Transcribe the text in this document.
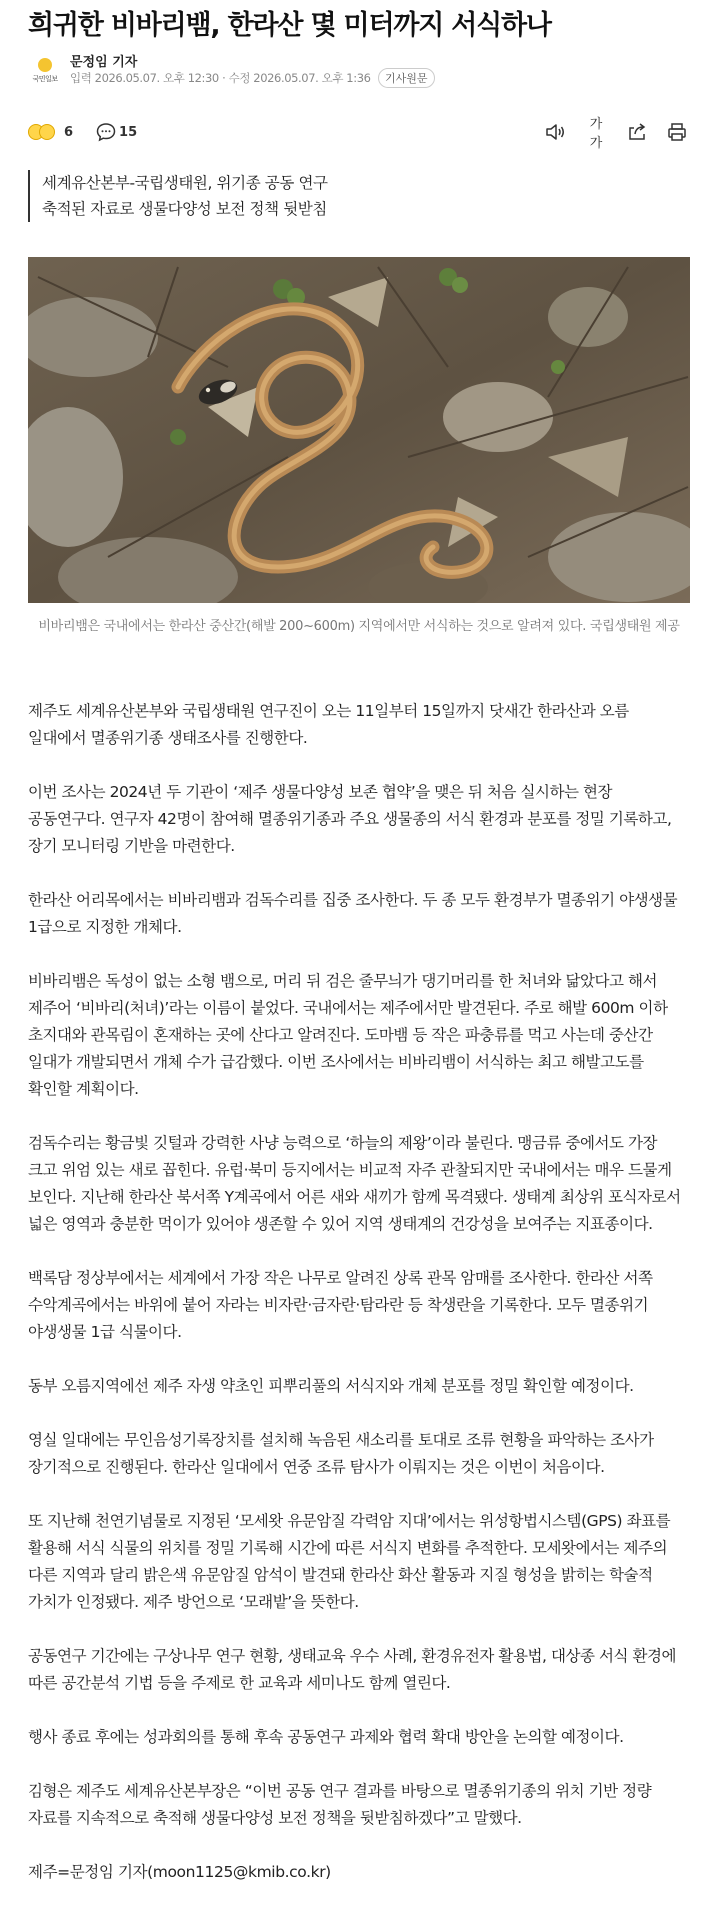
희귀한 비바리뱀, 한라산 몇 미터까지 서식하나
국민일보
문정임 기자
입력 2026.05.07. 오후 12:30 · 수정 2026.05.07. 오후 1:36	기사원문
6	15	가가
세계유산본부-국립생태원, 위기종 공동 연구
축적된 자료로 생물다양성 보전 정책 뒷받침
비바리뱀은 국내에서는 한라산 중산간(해발 200~600m) 지역에서만 서식하는 것으로 알려져 있다. 국립생태원 제공

제주도 세계유산본부와 국립생태원 연구진이 오는 11일부터 15일까지 닷새간 한라산과 오름 일대에서 멸종위기종 생태조사를 진행한다.

이번 조사는 2024년 두 기관이 ‘제주 생물다양성 보존 협약’을 맺은 뒤 처음 실시하는 현장 공동연구다. 연구자 42명이 참여해 멸종위기종과 주요 생물종의 서식 환경과 분포를 정밀 기록하고, 장기 모니터링 기반을 마련한다.

한라산 어리목에서는 비바리뱀과 검독수리를 집중 조사한다. 두 종 모두 환경부가 멸종위기 야생생물 1급으로 지정한 개체다.

비바리뱀은 독성이 없는 소형 뱀으로, 머리 뒤 검은 줄무늬가 댕기머리를 한 처녀와 닮았다고 해서 제주어 ‘비바리(처녀)’라는 이름이 붙었다. 국내에서는 제주에서만 발견된다. 주로 해발 600m 이하 초지대와 관목림이 혼재하는 곳에 산다고 알려진다. 도마뱀 등 작은 파충류를 먹고 사는데 중산간 일대가 개발되면서 개체 수가 급감했다. 이번 조사에서는 비바리뱀이 서식하는 최고 해발고도를 확인할 계획이다.

검독수리는 황금빛 깃털과 강력한 사냥 능력으로 ‘하늘의 제왕’이라 불린다. 맹금류 중에서도 가장 크고 위엄 있는 새로 꼽힌다. 유럽·북미 등지에서는 비교적 자주 관찰되지만 국내에서는 매우 드물게 보인다. 지난해 한라산 북서쪽 Y계곡에서 어른 새와 새끼가 함께 목격됐다. 생태계 최상위 포식자로서 넓은 영역과 충분한 먹이가 있어야 생존할 수 있어 지역 생태계의 건강성을 보여주는 지표종이다.

백록담 정상부에서는 세계에서 가장 작은 나무로 알려진 상록 관목 암매를 조사한다. 한라산 서쪽 수악계곡에서는 바위에 붙어 자라는 비자란·금자란·탐라란 등 착생란을 기록한다. 모두 멸종위기 야생생물 1급 식물이다.

동부 오름지역에선 제주 자생 약초인 피뿌리풀의 서식지와 개체 분포를 정밀 확인할 예정이다.

영실 일대에는 무인음성기록장치를 설치해 녹음된 새소리를 토대로 조류 현황을 파악하는 조사가 장기적으로 진행된다. 한라산 일대에서 연중 조류 탐사가 이뤄지는 것은 이번이 처음이다.

또 지난해 천연기념물로 지정된 ‘모세왓 유문암질 각력암 지대’에서는 위성항법시스템(GPS) 좌표를 활용해 서식 식물의 위치를 정밀 기록해 시간에 따른 서식지 변화를 추적한다. 모세왓에서는 제주의 다른 지역과 달리 밝은색 유문암질 암석이 발견돼 한라산 화산 활동과 지질 형성을 밝히는 학술적 가치가 인정됐다. 제주 방언으로 ‘모래밭’을 뜻한다.

공동연구 기간에는 구상나무 연구 현황, 생태교육 우수 사례, 환경유전자 활용법, 대상종 서식 환경에 따른 공간분석 기법 등을 주제로 한 교육과 세미나도 함께 열린다.

행사 종료 후에는 성과회의를 통해 후속 공동연구 과제와 협력 확대 방안을 논의할 예정이다.

김형은 제주도 세계유산본부장은 “이번 공동 연구 결과를 바탕으로 멸종위기종의 위치 기반 정량 자료를 지속적으로 축적해 생물다양성 보전 정책을 뒷받침하겠다”고 말했다.

제주=문정임 기자(moon1125@kmib.co.kr)
